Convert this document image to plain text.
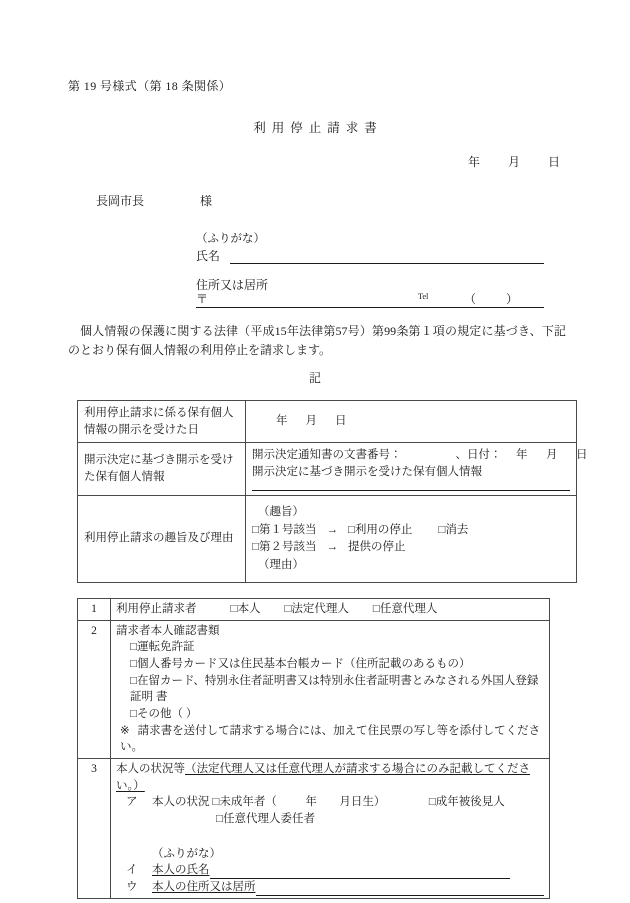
第 19 号様式（第 18 条関係）
利用停止請求書
年 月 日
長岡市長	様
（ふりがな）
氏名
住所又は居所
〒	Tel	（ ）
個人情報の保護に関する法律（平成15年法律第57号）第99条第１項の規定に基づき、下記のとおり保有個人情報の利用停止を請求します。
記
利用停止請求に係る保有個人情報の開示を受けた日	年 月 日

開示決定に基づき開示を受けた保有個人情報	開示決定通知書の文書番号： 、日付： 年 月 日
開示決定に基づき開示を受けた保有個人情報

利用停止請求の趣旨及び理由	（趣旨）
□第１号該当 → □利用の停止 □消去
□第２号該当 → 提供の停止
（理由）
1	利用停止請求者 □本人 □法定代理人 □任意代理人

2	請求者本人確認書類
□運転免許証
□個人番号カード又は住民基本台帳カード（住所記載のあるもの）
□在留カード、特別永住者証明書又は特別永住者証明書とみなされる外国人登録証明 書
□その他（ ）
※ 請求書を送付して請求する場合には、加えて住民票の写し等を添付してください。

3	本人の状況等（法定代理人又は任意代理人が請求する場合にのみ記載してください。）
ア 本人の状況 □未成年者（ 年 月日生）	□成年被後見人
□任意代理人委任者
（ふりがな）
イ	本人の氏名
ウ	本人の住所又は居所
